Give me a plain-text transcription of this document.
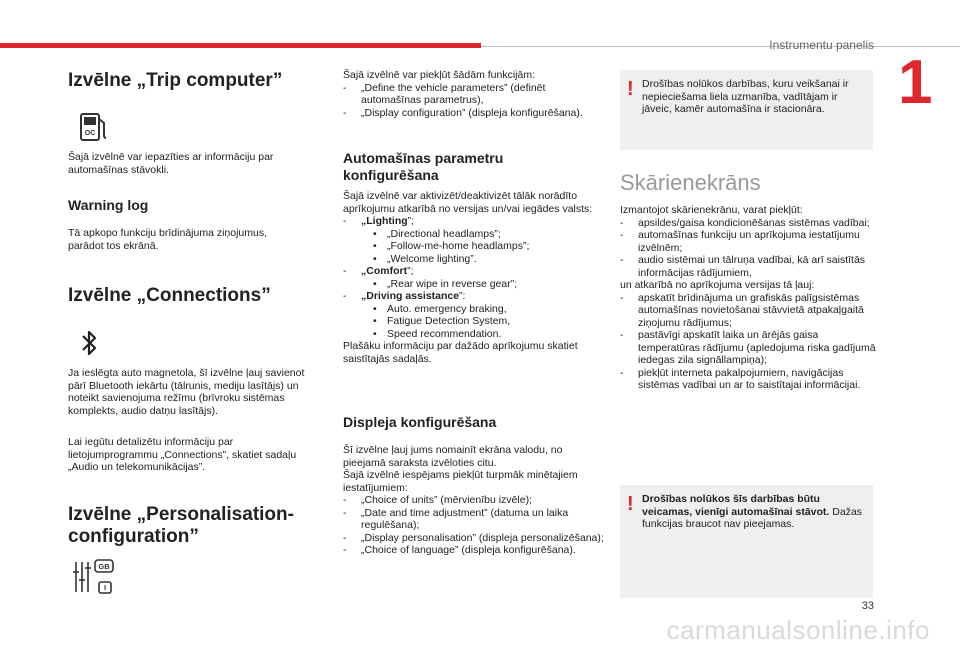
Instrumentu panelis
1
Izvēlne „Trip computer”
OC

Šajā izvēlnē var iepazīties ar informāciju par automašīnas stāvokli.

Warning log

Tā apkopo funkciju brīdinājuma ziņojumus, parādot tos ekrānā.

Izvēlne „Connections”

Ja ieslēgta auto magnetola, šī izvēlne ļauj savienot pārī Bluetooth iekārtu (tālrunis, mediju lasītājs) un noteikt savienojuma režīmu (brīvroku sistēmas komplekts, audio datņu lasītājs).

Lai iegūtu detalizētu informāciju par lietojumprogrammu „Connections”, skatiet sadaļu „Audio un telekomunikācijas”.

Izvēlne „Personalisation-
configuration”
GB
I

Šajā izvēlnē var piekļūt šādām funkcijām:

- „Define the vehicle parameters” (definēt automašīnas parametrus),
- „Display configuration” (displeja konfigurēšana).
Automašīnas parametru konfigurēšana

Šajā izvēlnē var aktivizēt/deaktivizēt tālāk norādīto aprīkojumu atkarībā no versijas un/vai iegādes valsts:

- „Lighting”;
• „Directional headlamps”;
• „Follow-me-home headlamps”;
• „Welcome lighting”.
- „Comfort”;
• „Rear wipe in reverse gear”;
- „Driving assistance”:
• Auto. emergency braking,
• Fatigue Detection System,
• Speed recommendation.

Plašāku informāciju par dažādo aprīkojumu skatiet saistītajās sadaļās.

Displeja konfigurēšana

Šī izvēlne ļauj jums nomainīt ekrāna valodu, no pieejamā saraksta izvēloties citu.

Šajā izvēlnē iespējams piekļūt turpmāk minētajiem iestatījumiem:

- „Choice of units” (mērvienību izvēle);
- „Date and time adjustment” (datuma un laika regulēšana);
- „Display personalisation” (displeja personalizēšana);
- „Choice of language” (displeja konfigurēšana).
! Drošības nolūkos darbības, kuru veikšanai ir nepieciešama liela uzmanība, vadītājam ir jāveic, kamēr automašīna ir stacionāra.
Skārienekrāns

Izmantojot skārienekrānu, varat piekļūt:

- apsildes/gaisa kondicionēšanas sistēmas vadībai;
- automašīnas funkciju un aprīkojuma iestatījumu izvēlnēm;
- audio sistēmai un tālruņa vadībai, kā arī saistītās informācijas rādījumiem,

un atkarībā no aprīkojuma versijas tā ļauj:

- apskatīt brīdinājuma un grafiskās palīgsistēmas automašīnas novietošanai stāvvietā atpakaļgaitā ziņojumu rādījumus;
- pastāvīgi apskatīt laika un ārējās gaisa temperatūras rādījumu (apledojuma riska gadījumā iedegas zila signāllampiņa);
- piekļūt interneta pakalpojumiem, navigācijas sistēmas vadībai un ar to saistītajai informācijai.
! Drošības nolūkos šīs darbības būtu veicamas, vienīgi automašīnai stāvot. Dažas funkcijas braucot nav pieejamas.
33
carmanualsonline.info
